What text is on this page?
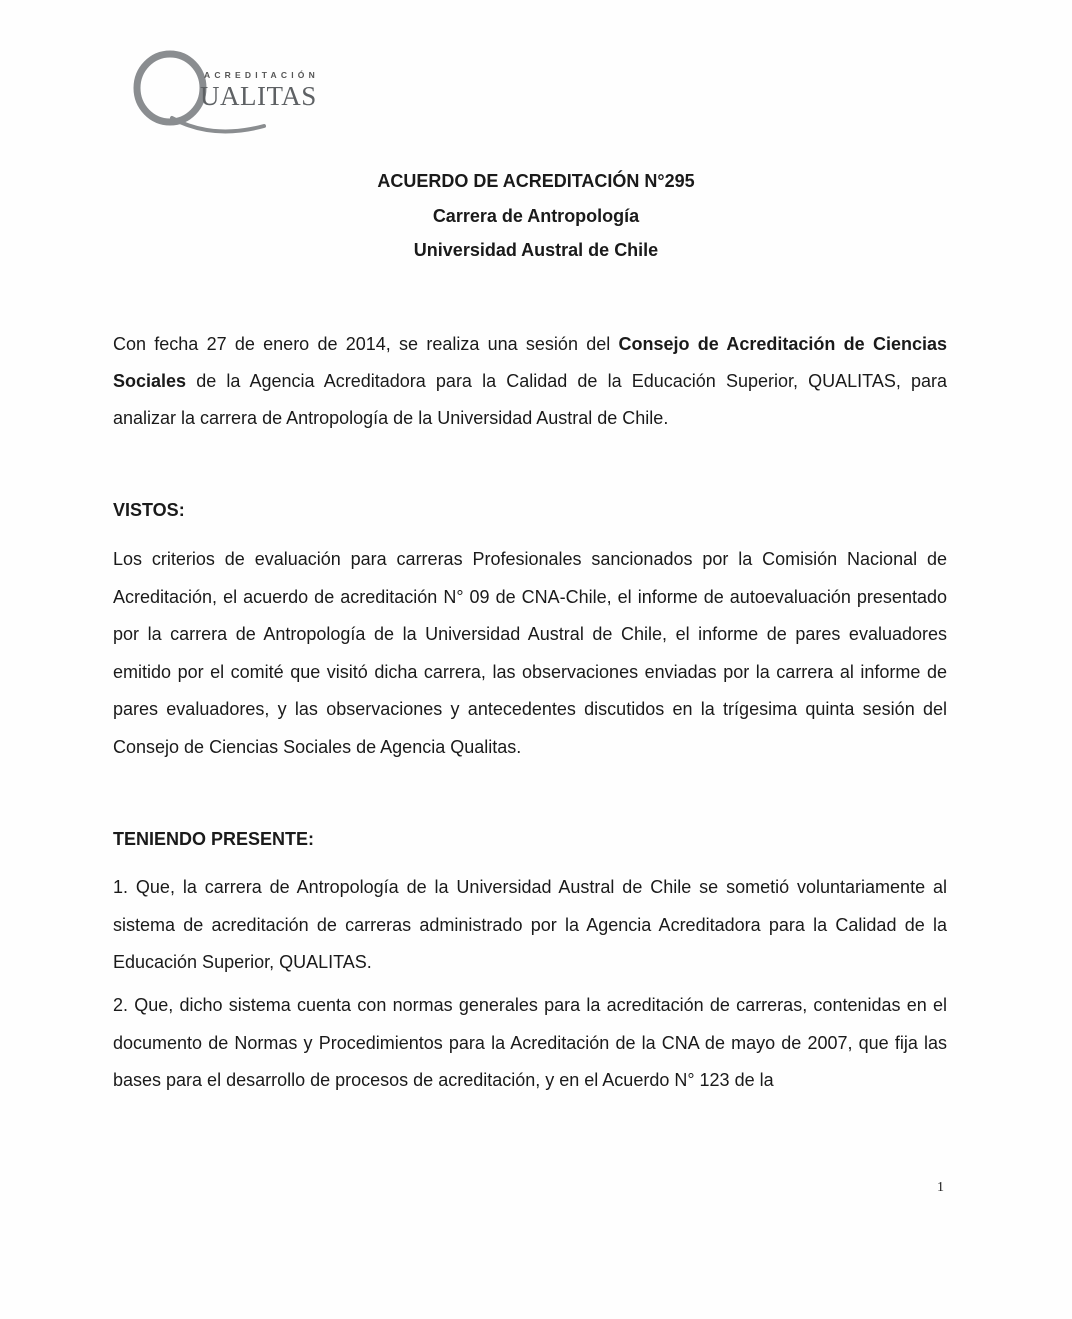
ACREDITACIÓN
UALITAS
ACUERDO DE ACREDITACIÓN N°295
Carrera de Antropología
Universidad Austral de Chile
Con fecha 27 de enero de 2014, se realiza una sesión del Consejo de Acreditación de Ciencias Sociales de la Agencia Acreditadora para la Calidad de la Educación Superior, QUALITAS, para analizar la carrera de Antropología de la Universidad Austral de Chile.
VISTOS:
Los criterios de evaluación para carreras Profesionales sancionados por la Comisión Nacional de Acreditación, el acuerdo de acreditación N° 09 de CNA-Chile, el informe de autoevaluación presentado por la carrera de Antropología de la Universidad Austral de Chile, el informe de pares evaluadores emitido por el comité que visitó dicha carrera, las observaciones enviadas por la carrera al informe de pares evaluadores, y las observaciones y antecedentes discutidos en la trígesima quinta sesión del Consejo de Ciencias Sociales de Agencia Qualitas.
TENIENDO PRESENTE:
1. Que, la carrera de Antropología de la Universidad Austral de Chile se sometió voluntariamente al sistema de acreditación de carreras administrado por la Agencia Acreditadora para la Calidad de la Educación Superior, QUALITAS.
2. Que, dicho sistema cuenta con normas generales para la acreditación de carreras, contenidas en el documento de Normas y Procedimientos para la Acreditación de la CNA de mayo de 2007, que fija las bases para el desarrollo de procesos de acreditación, y en el Acuerdo N° 123 de la
1
